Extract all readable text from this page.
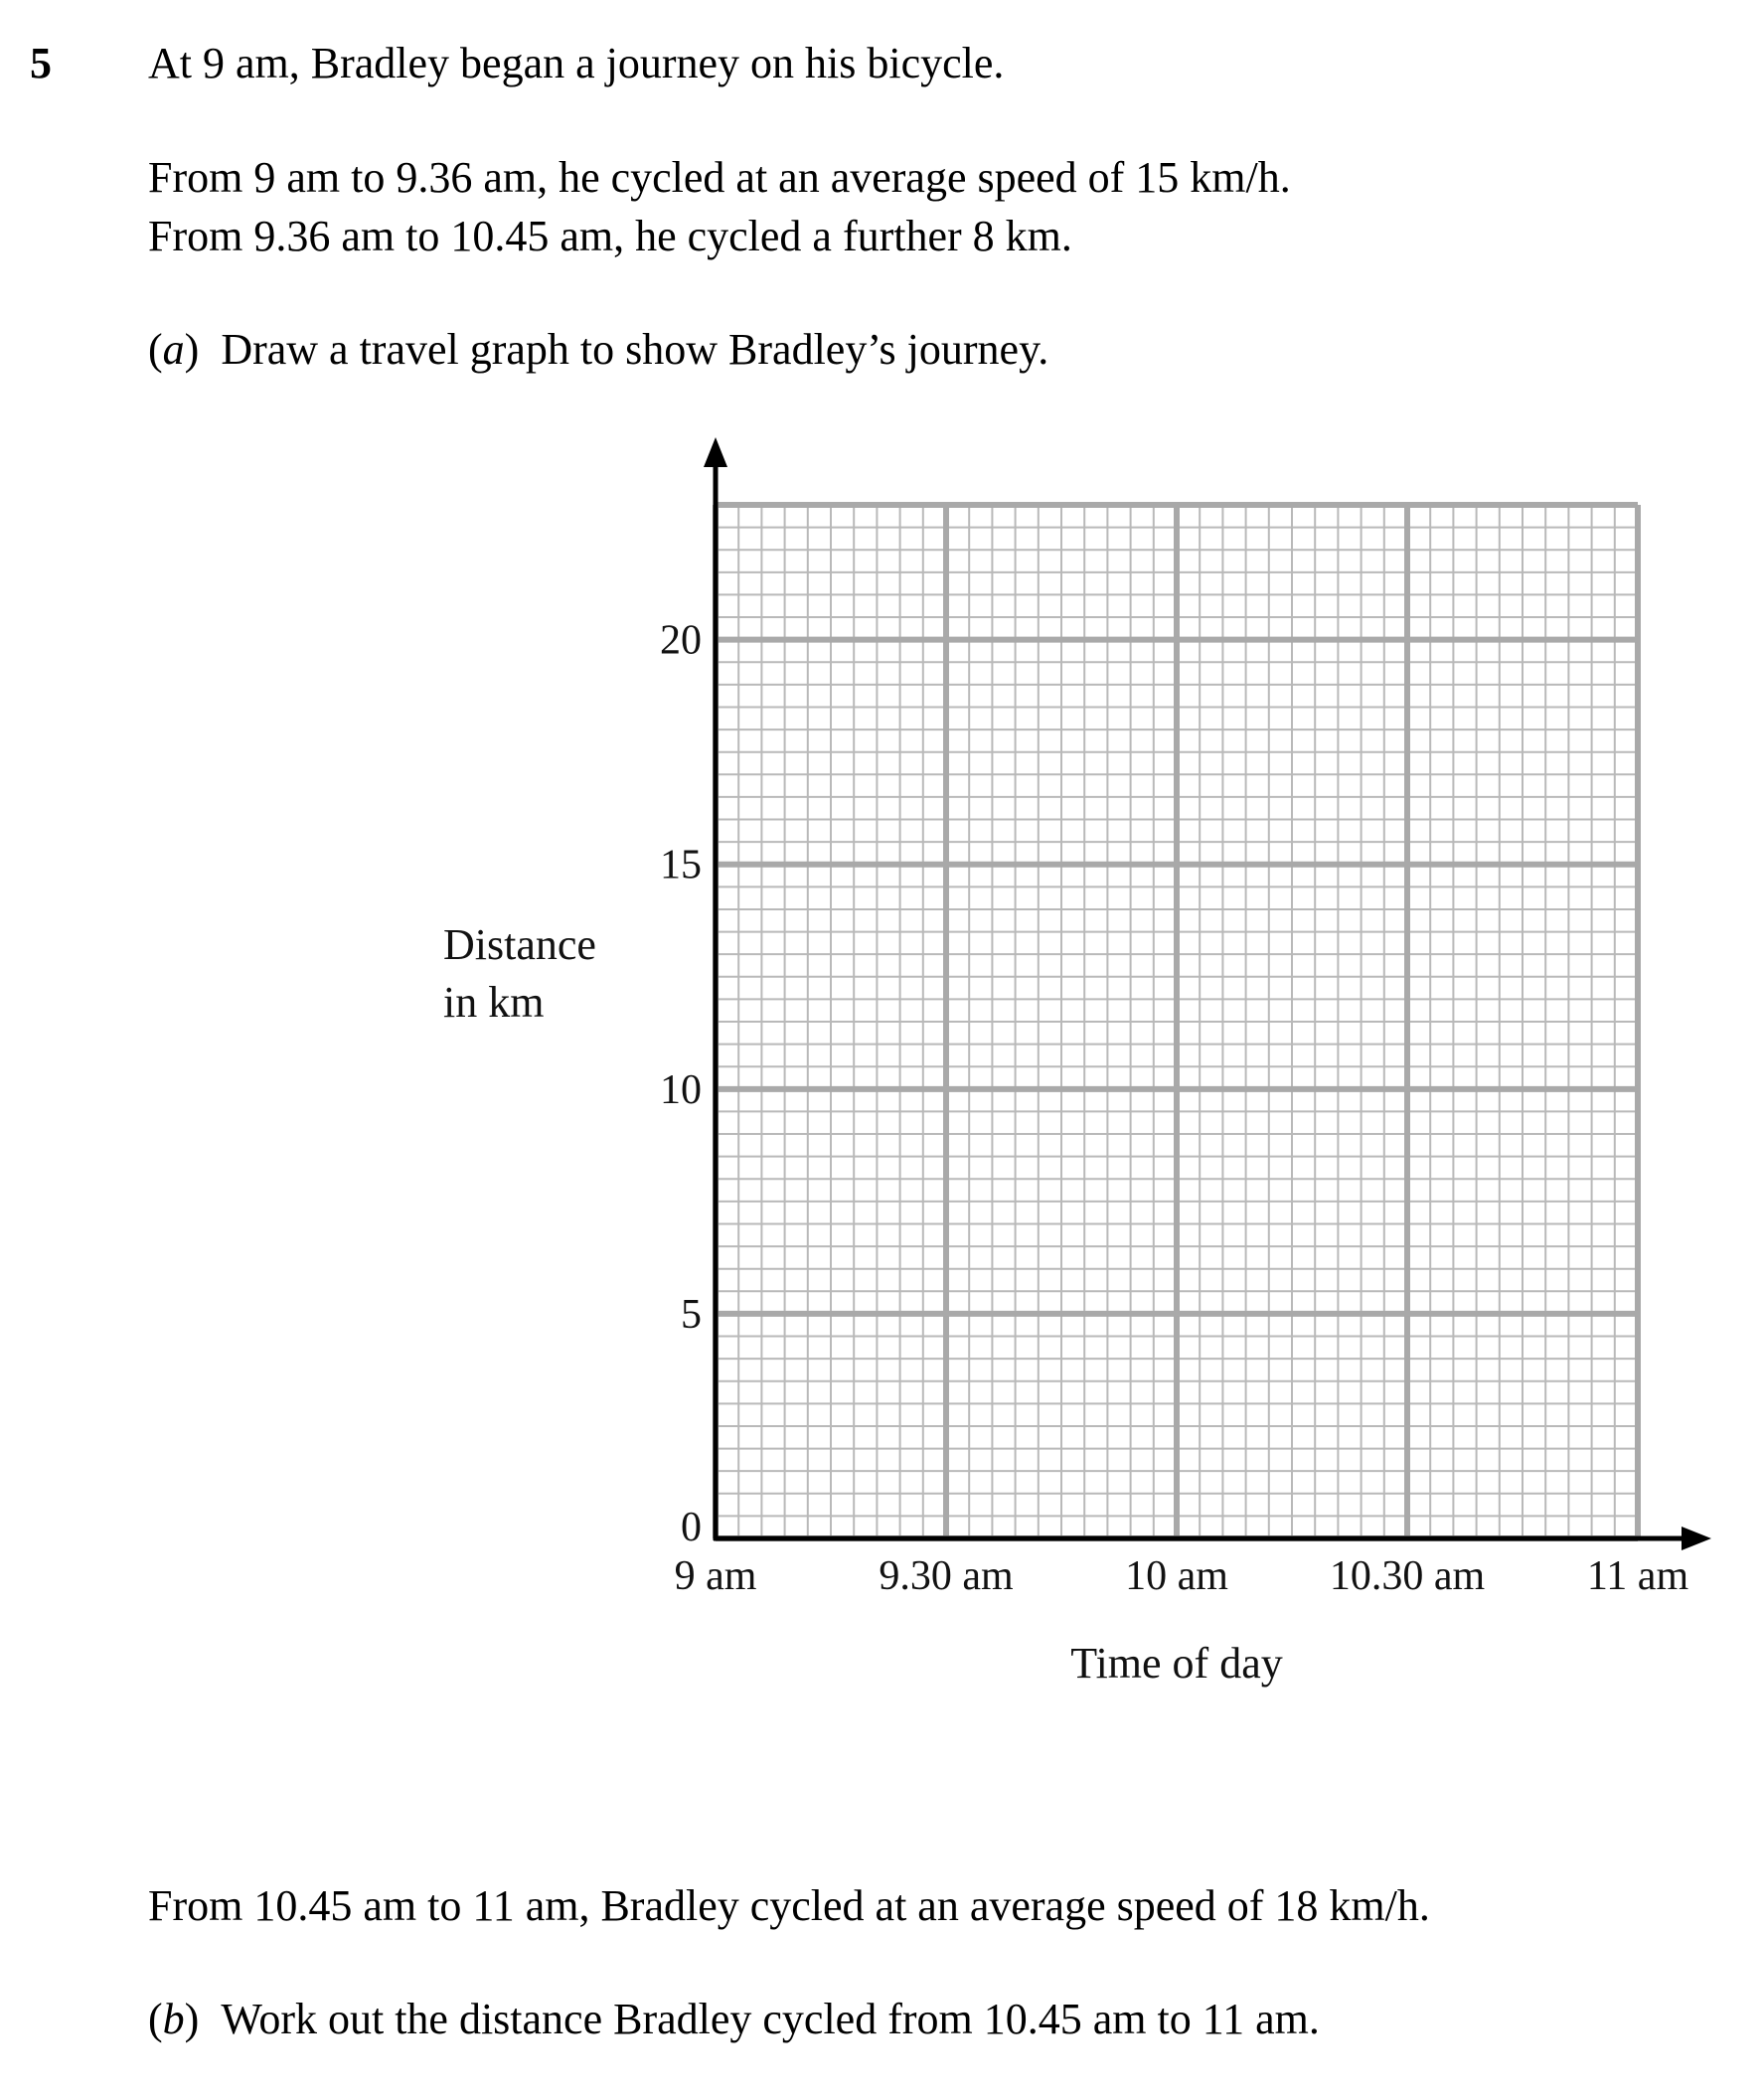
5 At 9 am, Bradley began a journey on his bicycle.
From 9 am to 9.36 am, he cycled at an average speed of 15 km/h.
From 9.36 am to 10.45 am, he cycled a further 8 km.
(a) Draw a travel graph to show Bradley’s journey.
0
5
10
15
20
9 am	9.30 am	10 am 10.30 am 11 am
Distance
in km
Time of day
From 10.45 am to 11 am, Bradley cycled at an average speed of 18 km/h.
(b) Work out the distance Bradley cycled from 10.45 am to 11 am.
